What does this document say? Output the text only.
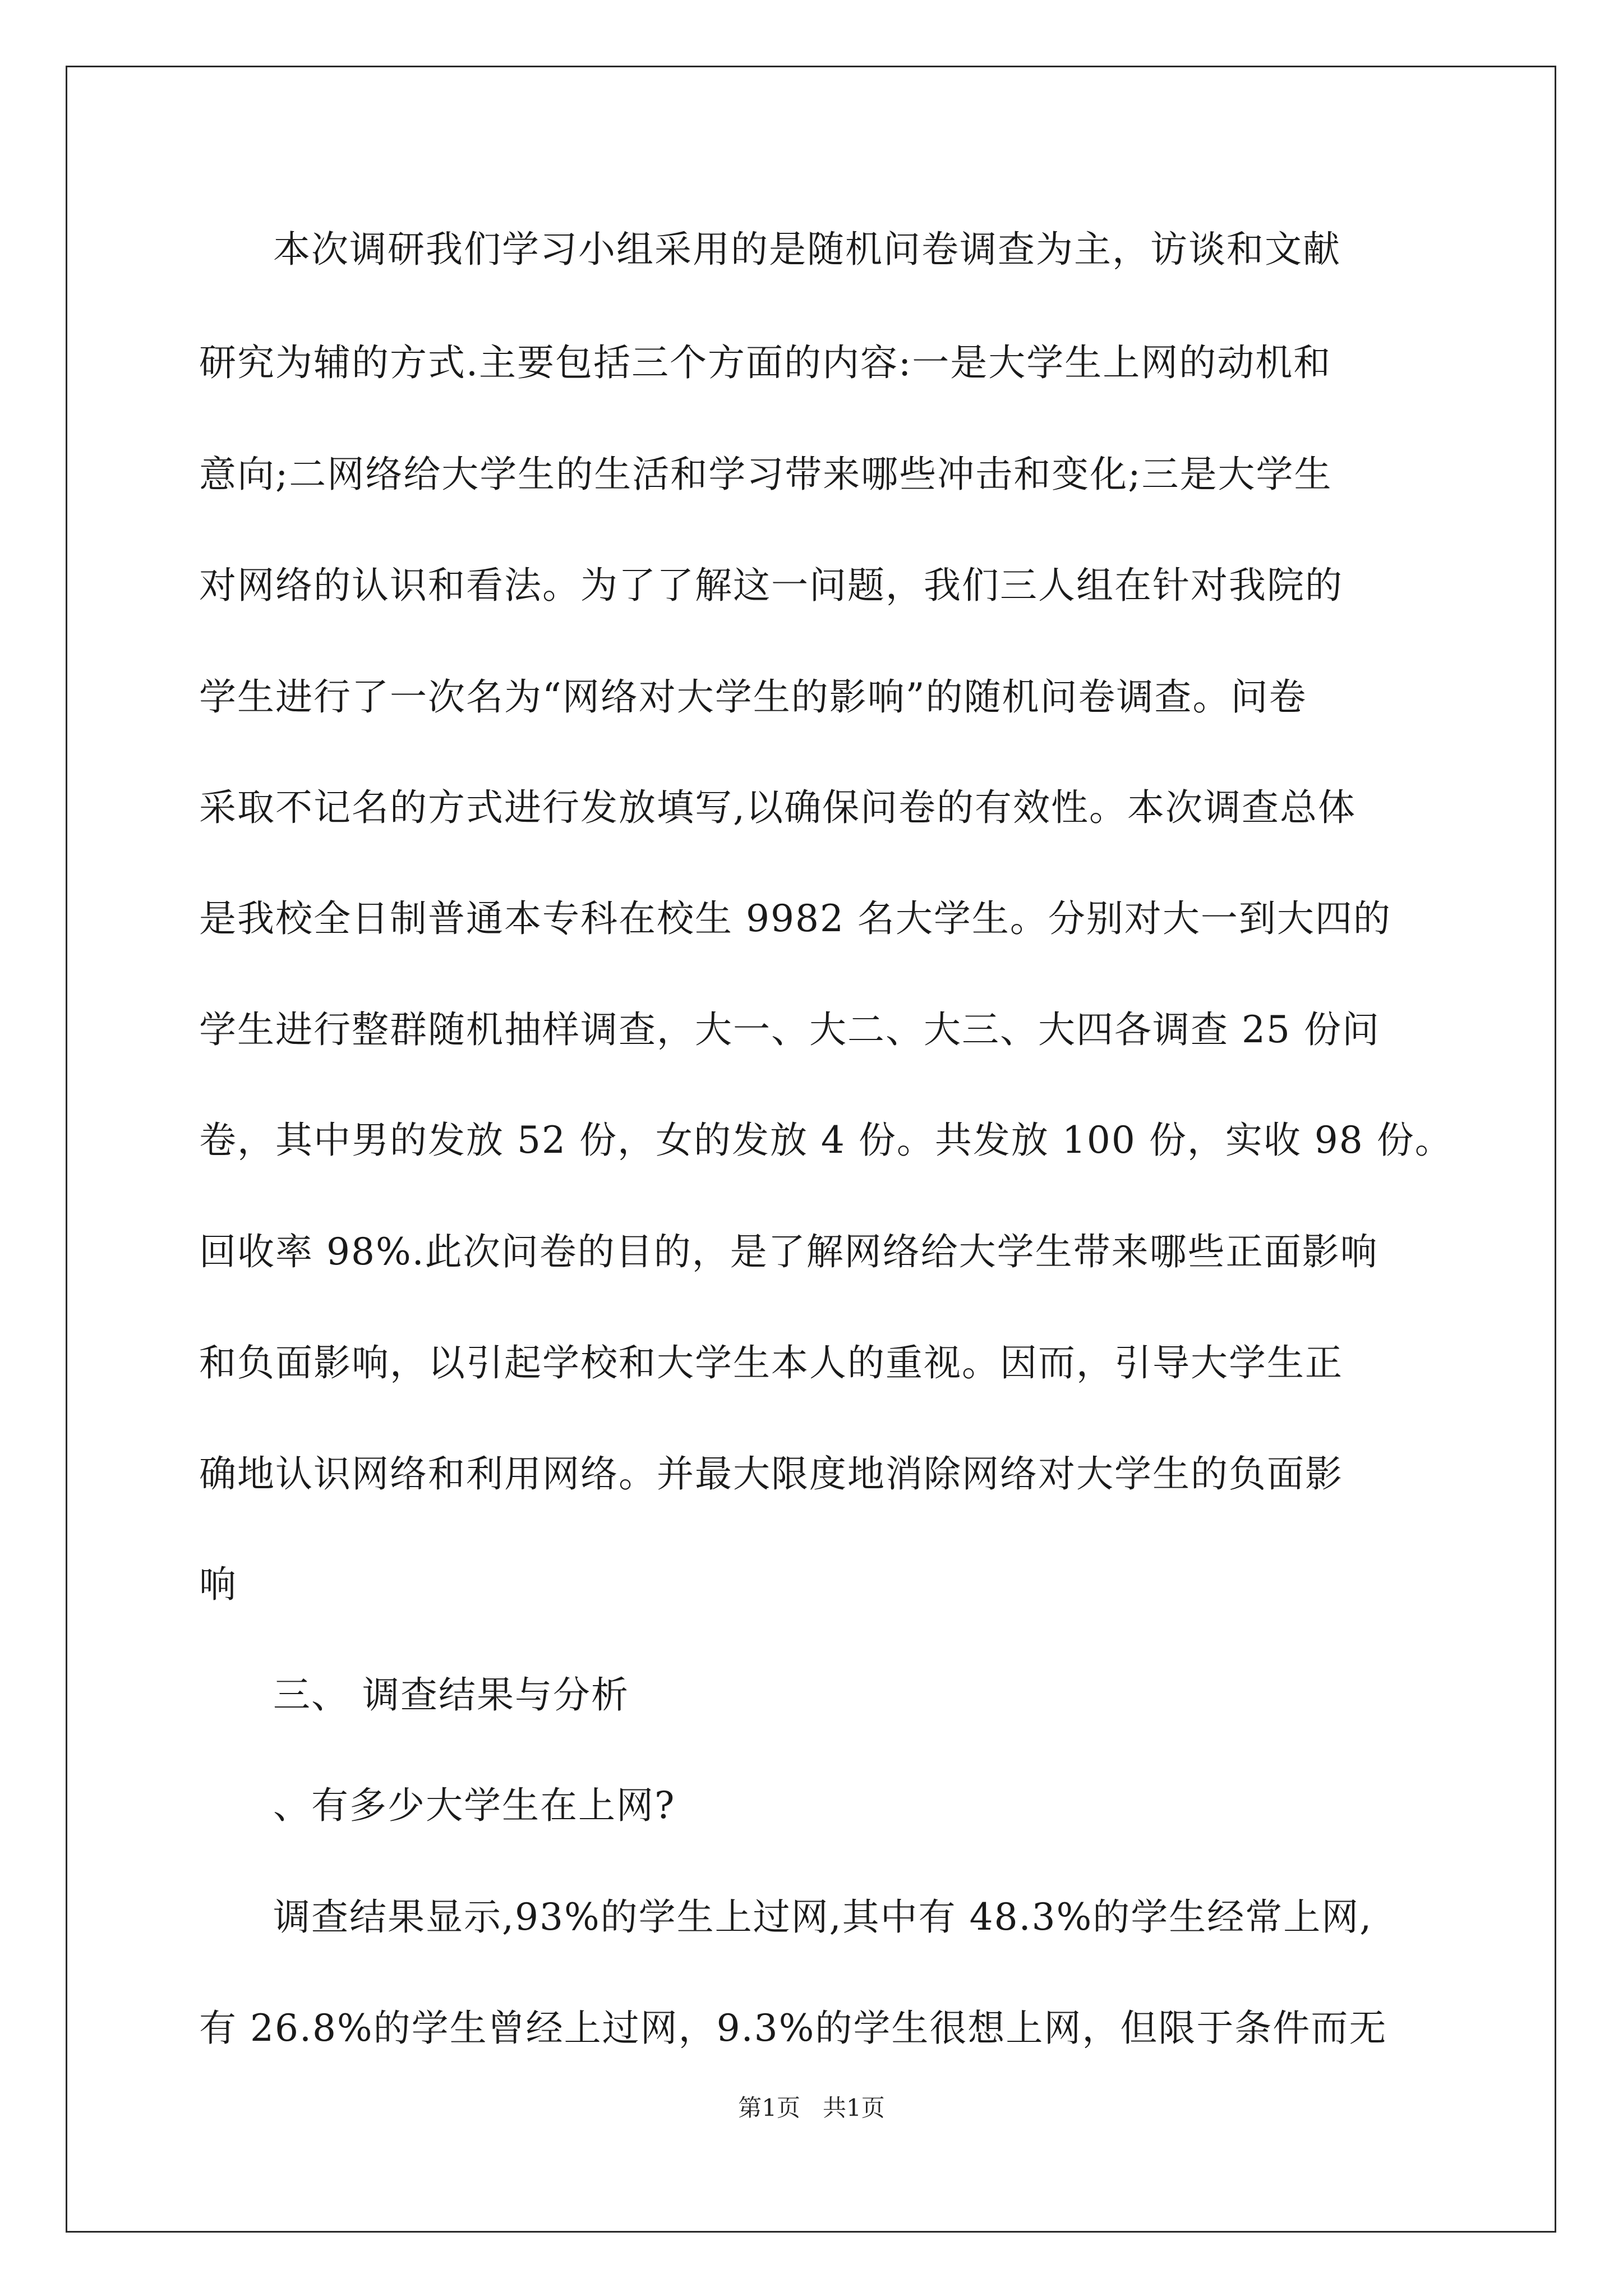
本次调研我们学习小组采用的是随机问卷调查为主，访谈和文献
研究为辅的方式.主要包括三个方面的内容:一是大学生上网的动机和
意向;二网络给大学生的生活和学习带来哪些冲击和变化;三是大学生
对网络的认识和看法。为了了解这一问题，我们三人组在针对我院的
学生进行了一次名为“网络对大学生的影响”的随机问卷调查。问卷
采取不记名的方式进行发放填写,以确保问卷的有效性。本次调查总体
是我校全日制普通本专科在校生 9982 名大学生。分别对大一到大四的
学生进行整群随机抽样调查，大一、大二、大三、大四各调查 25 份问
卷，其中男的发放 52 份，女的发放 4 份。共发放 100 份，实收 98 份。
回收率 98%.此次问卷的目的，是了解网络给大学生带来哪些正面影响
和负面影响，以引起学校和大学生本人的重视。因而，引导大学生正
确地认识网络和利用网络。并最大限度地消除网络对大学生的负面影
响
三、 调查结果与分析
、有多少大学生在上网?
调查结果显示,93%的学生上过网,其中有 48.3%的学生经常上网,
有 26.8%的学生曾经上过网，9.3%的学生很想上网，但限于条件而无
第1页 共1页
